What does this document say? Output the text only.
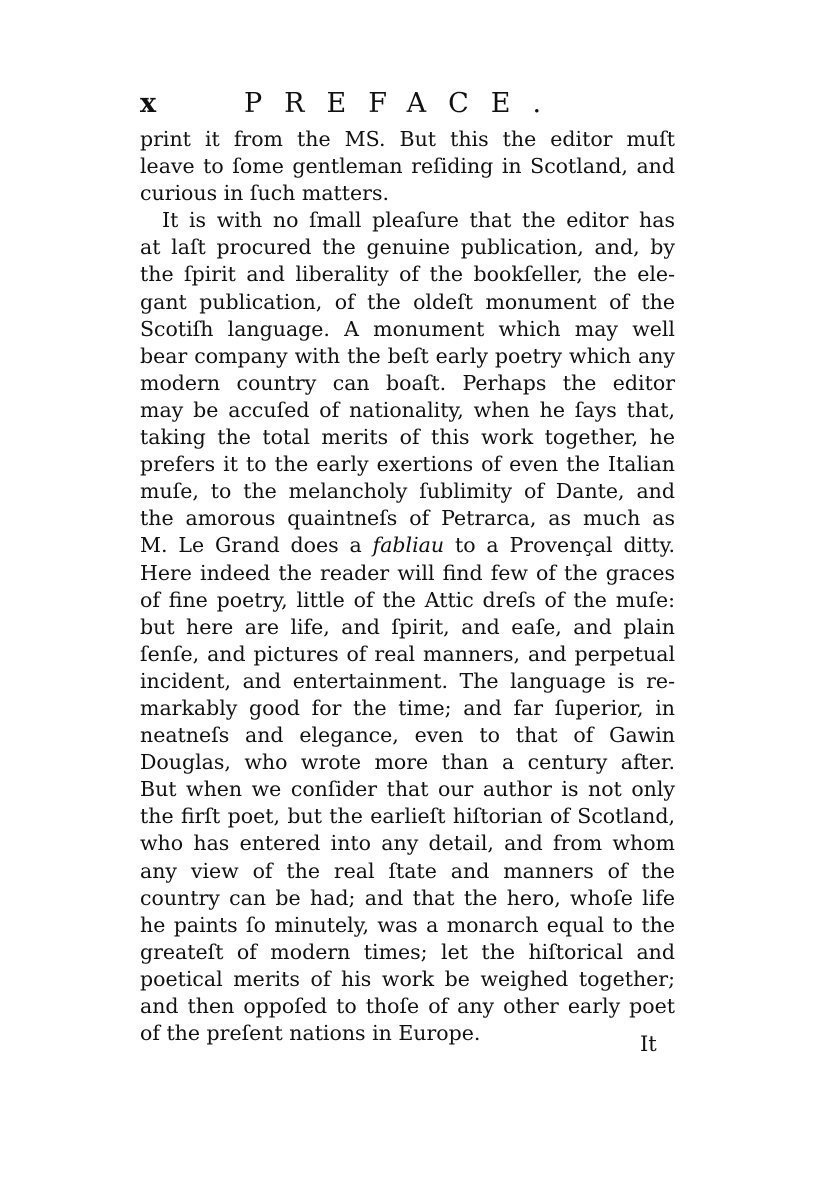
x	PREFACE.
print it from the MS. But this the editor muſt
leave to ſome gentleman reſiding in Scotland, and
curious in ſuch matters.
It is with no ſmall pleaſure that the editor has
at laſt procured the genuine publication, and, by
the ſpirit and liberality of the bookſeller, the ele-
gant publication, of the oldeſt monument of the
Scotiſh language. A monument which may well
bear company with the beſt early poetry which any
modern country can boaſt. Perhaps the editor
may be accuſed of nationality, when he ſays that,
taking the total merits of this work together, he
prefers it to the early exertions of even the Italian
muſe, to the melancholy ſublimity of Dante, and
the amorous quaintneſs of Petrarca, as much as
M. Le Grand does a fabliau to a Provençal ditty.
Here indeed the reader will find few of the graces
of fine poetry, little of the Attic dreſs of the muſe:
but here are life, and ſpirit, and eaſe, and plain
ſenſe, and pictures of real manners, and perpetual
incident, and entertainment. The language is re-
markably good for the time; and far ſuperior, in
neatneſs and elegance, even to that of Gawin
Douglas, who wrote more than a century after.
But when we conſider that our author is not only
the firſt poet, but the earlieſt hiſtorian of Scotland,
who has entered into any detail, and from whom
any view of the real ſtate and manners of the
country can be had; and that the hero, whoſe life
he paints ſo minutely, was a monarch equal to the
greateſt of modern times; let the hiſtorical and
poetical merits of his work be weighed together;
and then oppoſed to thoſe of any other early poet
of the preſent nations in Europe.	It
